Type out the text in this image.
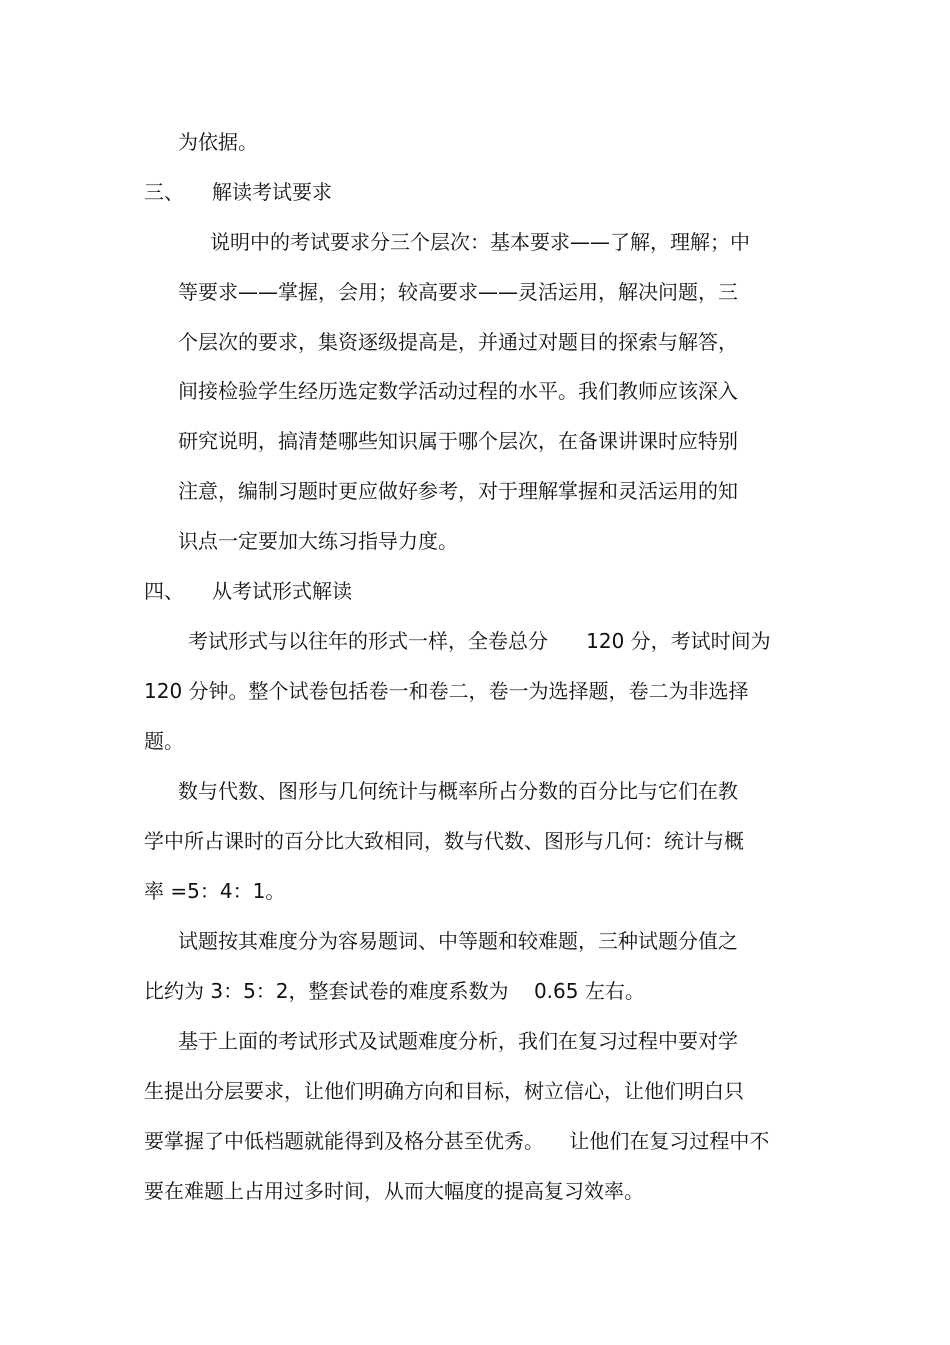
为依据。

三、

解读考试要求

说明中的考试要求分三个层次：基本要求——了解，理解；中

等要求——掌握，会用；较高要求——灵活运用，解决问题，三

个层次的要求，集资逐级提高是，并通过对题目的探索与解答，

间接检验学生经历选定数学活动过程的水平。我们教师应该深入

研究说明，搞清楚哪些知识属于哪个层次，在备课讲课时应特别

注意，编制习题时更应做好参考，对于理解掌握和灵活运用的知

识点一定要加大练习指导力度。

四、

从考试形式解读

考试形式与以往年的形式一样，全卷总分      120 分，考试时间为

120 分钟。整个试卷包括卷一和卷二，卷一为选择题，卷二为非选择

题。

数与代数、图形与几何统计与概率所占分数的百分比与它们在教

学中所占课时的百分比大致相同，数与代数、图形与几何：统计与概

率 =5：4：1。

试题按其难度分为容易题词、中等题和较难题，三种试题分值之

比约为 3：5：2，整套试卷的难度系数为    0.65 左右。

基于上面的考试形式及试题难度分析，我们在复习过程中要对学

生提出分层要求，让他们明确方向和目标，树立信心，让他们明白只

要掌握了中低档题就能得到及格分甚至优秀。    让他们在复习过程中不

要在难题上占用过多时间，从而大幅度的提高复习效率。
